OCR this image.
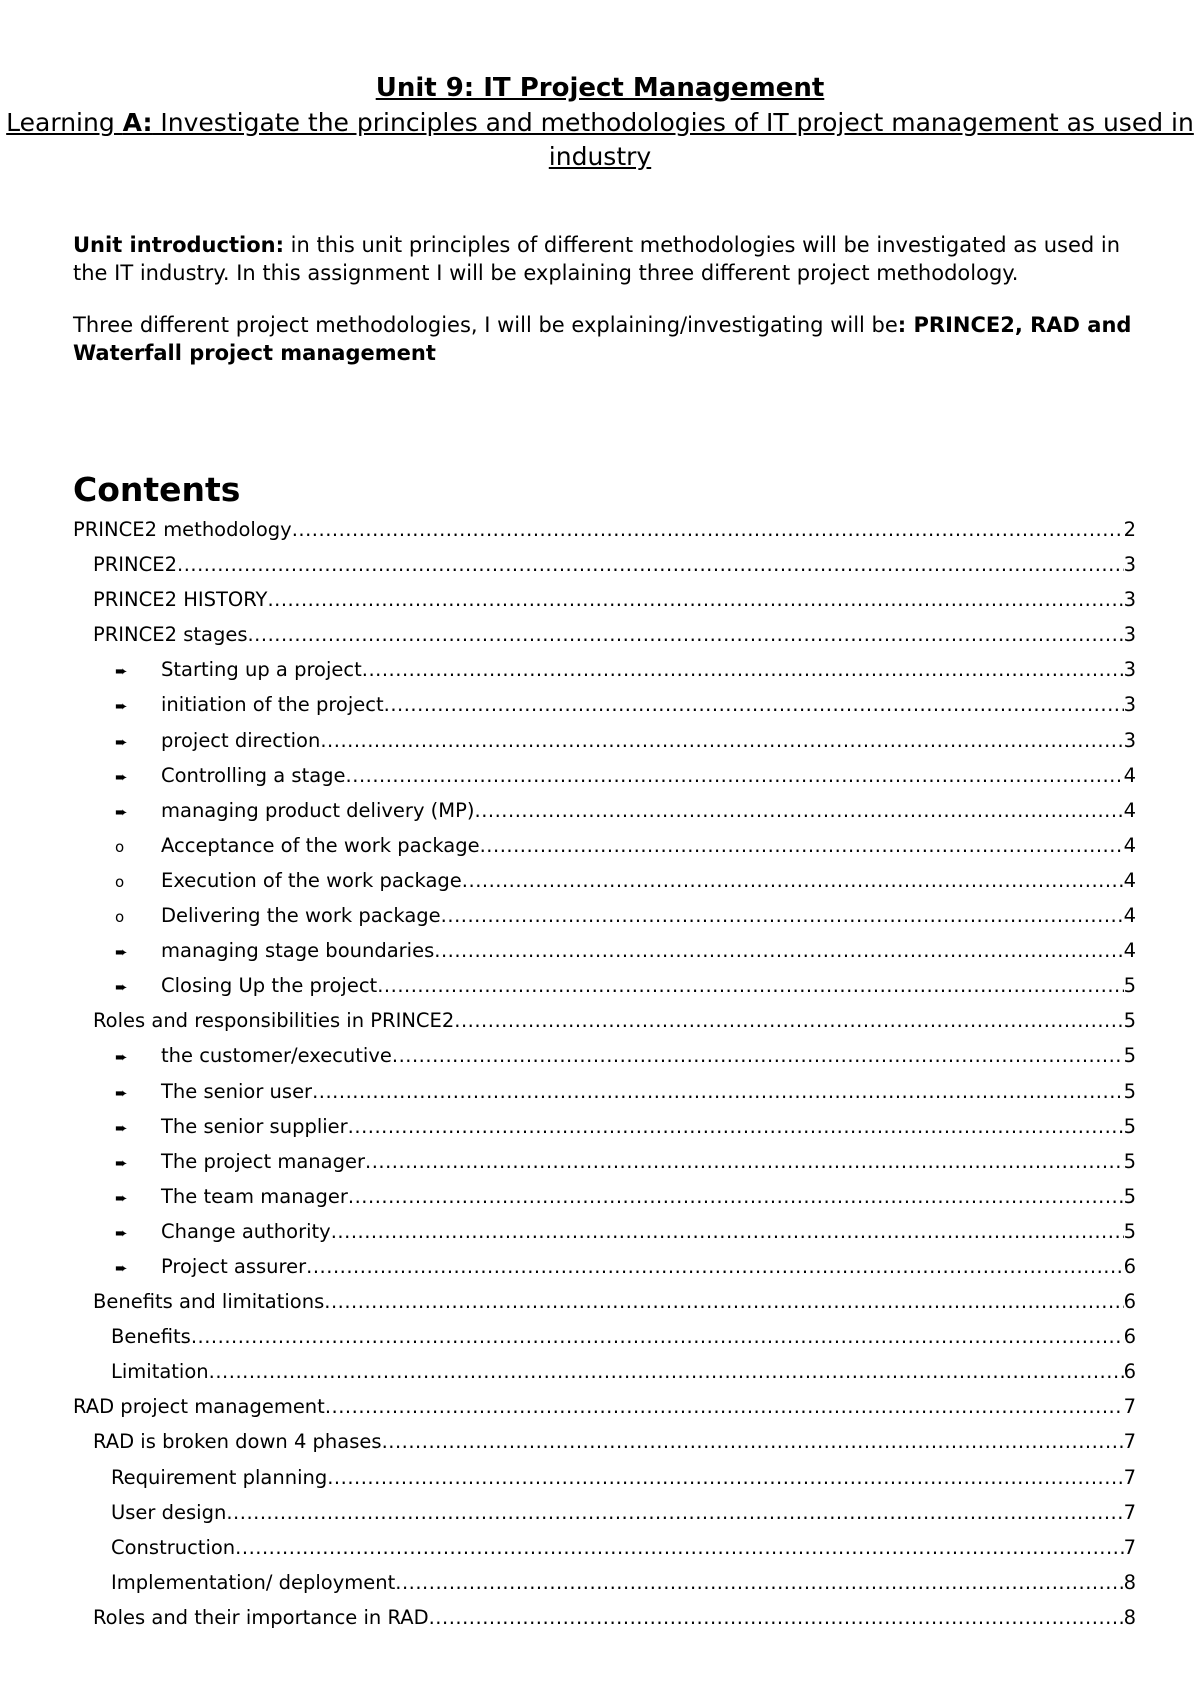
Unit 9: IT Project Management
Learning A: Investigate the principles and methodologies of IT project management as used in industry

Unit introduction: in this unit principles of different methodologies will be investigated as used in the IT industry. In this assignment I will be explaining three different project methodology.

Three different project methodologies, I will be explaining/investigating will be: PRINCE2, RAD and Waterfall project management

Contents
PRINCE2 methodology .....	2
PRINCE2 .....	3
PRINCE2 HISTORY .....	3
PRINCE2 stages .....	3
➨	Starting up a project .....	3
➨	initiation of the project .....	3
➨	project direction .....	3
➨	Controlling a stage .....	4
➨	managing product delivery (MP) .....	4
o	Acceptance of the work package .....	4
o	Execution of the work package .....	4
o	Delivering the work package .....	4
➨	managing stage boundaries .....	4
➨	Closing Up the project .....	5
Roles and responsibilities in PRINCE2 .....	5
➨	the customer/executive .....	5
➨	The senior user .....	5
➨	The senior supplier .....	5
➨	The project manager .....	5
➨	The team manager .....	5
➨	Change authority .....	5
➨	Project assurer .....	6
Benefits and limitations .....	6
Benefits .....	6
Limitation .....	6
RAD project management .....	7
RAD is broken down 4 phases .....	7
Requirement planning .....	7
User design .....	7
Construction .....	7
Implementation/ deployment .....	8
Roles and their importance in RAD .....	8
